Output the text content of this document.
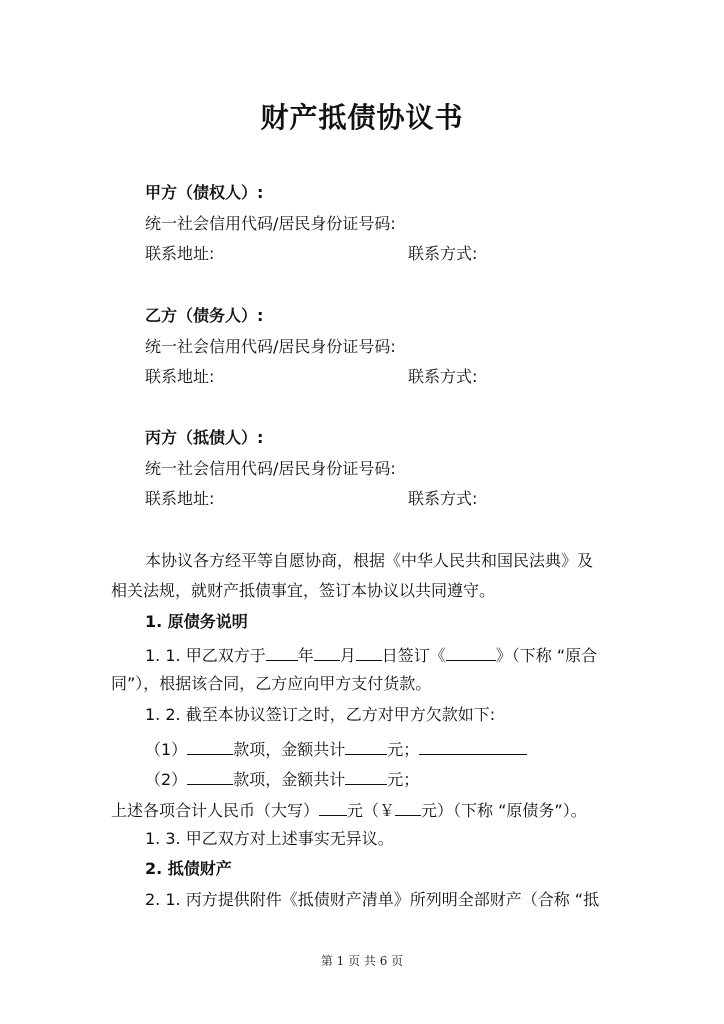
财产抵债协议书
甲方（债权人）:
统一社会信用代码/居民身份证号码:
联系地址:	联系方式:
乙方（债务人）:
统一社会信用代码/居民身份证号码:
联系地址:	联系方式:
丙方（抵债人）:
统一社会信用代码/居民身份证号码:
联系地址:	联系方式:
本协议各方经平等自愿协商，根据《中华人民共和国民法典》及
相关法规，就财产抵债事宜，签订本协议以共同遵守。
1. 原债务说明
1. 1. 甲乙双方于 年 月 日签订《	》（下称 “原合
同”），根据该合同，乙方应向甲方支付货款。
1. 2. 截至本协议签订之时，乙方对甲方欠款如下:
（1）	款项，金额共计	元；
（2）	款项，金额共计	元；
上述各项合计人民币（大写） 元（￥ 元）（下称 “原债务”）。
1. 3. 甲乙双方对上述事实无异议。
2. 抵债财产
2. 1. 丙方提供附件《抵债财产清单》所列明全部财产（合称 “抵
第 1 页 共 6 页
